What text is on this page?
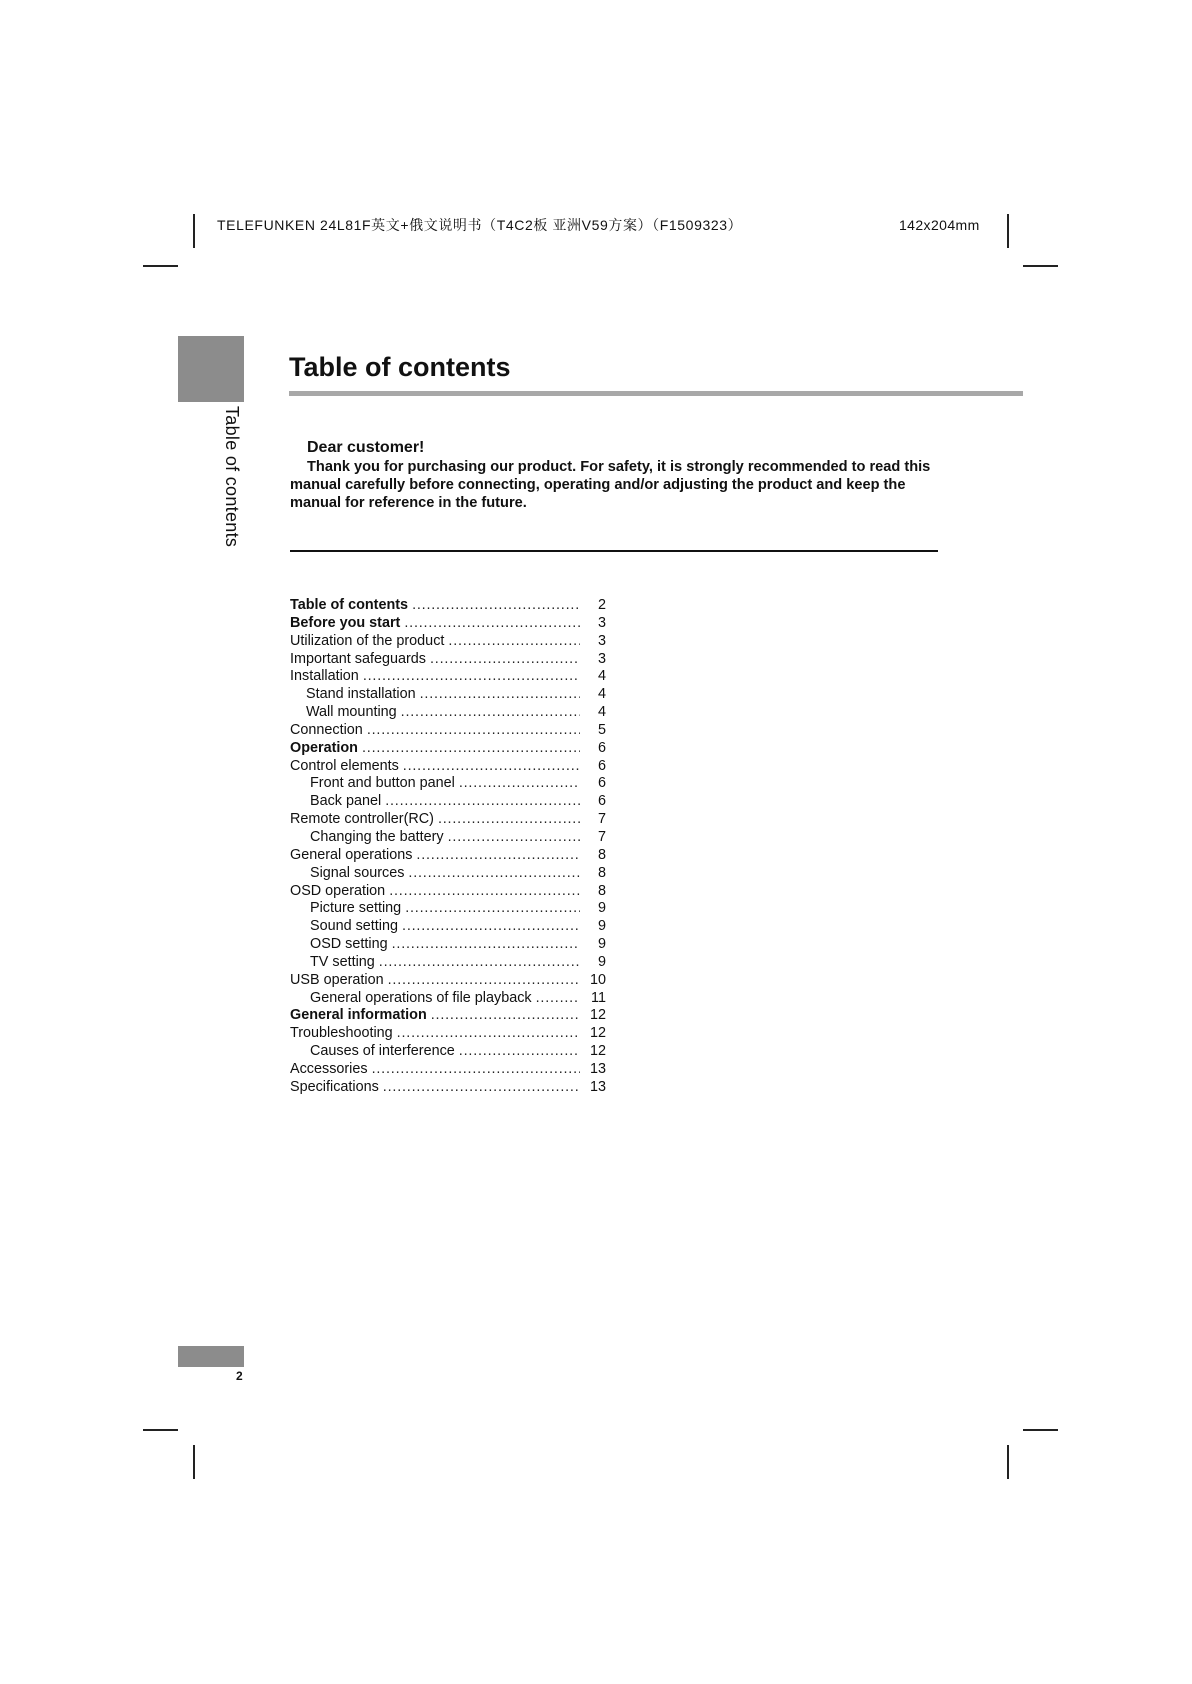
TELEFUNKEN 24L81F英文+俄文说明书（T4C2板 亚洲V59方案）（F1509323）	142x204mm
Table of contents
Table of contents
Dear customer!
Thank you for purchasing our product. For safety, it is strongly recommended to read this manual carefully before connecting, operating and/or adjusting the product and keep the manual for reference in the future.
Table of contents .....	2
Before you start .....	3
Utilization of the product .....	3
Important safeguards .....	3
Installation .....	4
Stand installation .....	4
Wall mounting .....	4
Connection .....	5
Operation .....	6
Control elements .....	6
Front and button panel .....	6
Back panel .....	6
Remote controller(RC) .....	7
Changing the battery .....	7
General operations .....	8
Signal sources .....	8
OSD operation .....	8
Picture setting .....	9
Sound setting .....	9
OSD setting .....	9
TV setting .....	9
USB operation .....	10
General operations of file playback .....	11
General information .....	12
Troubleshooting .....	12
Causes of interference .....	12
Accessories .....	13
Specifications .....	13
2
